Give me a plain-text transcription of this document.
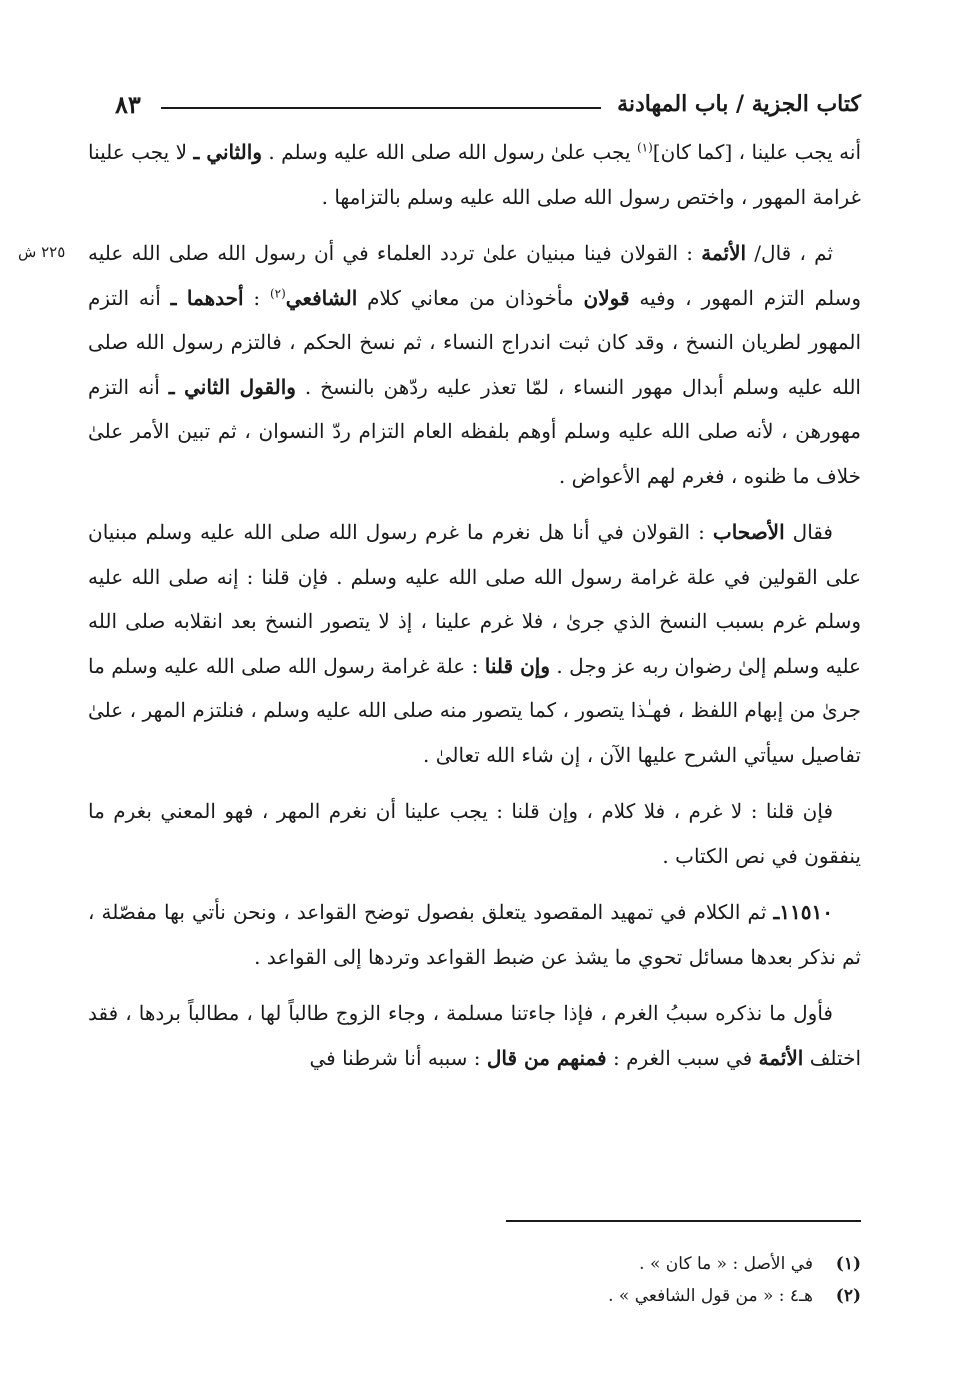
كتاب الجزية / باب المهادنة
٨٣
٢٢٥ ش

أنه يجب علينا ، [كما كان]$^{(١)}$ يجب علىٰ رسول الله صلى الله عليه وسلم . والثاني ـ لا يجب علينا غرامة المهور ، واختص رسول الله صلى الله عليه وسلم بالتزامها .

ثم ، قال/ الأئمة : القولان فينا مبنيان علىٰ تردد العلماء في أن رسول الله صلى الله عليه وسلم التزم المهور ، وفيه قولان مأخوذان من معاني كلام الشافعي$^{(٢)}$ : أحدهما ـ أنه التزم المهور لطريان النسخ ، وقد كان ثبت اندراج النساء ، ثم نسخ الحكم ، فالتزم رسول الله صلى الله عليه وسلم أبدال مهور النساء ، لمّا تعذر عليه ردّهن بالنسخ . والقول الثاني ـ أنه التزم مهورهن ، لأنه صلى الله عليه وسلم أوهم بلفظه العام التزام ردّ النسوان ، ثم تبين الأمر علىٰ خلاف ما ظنوه ، فغرم لهم الأعواض .

فقال الأصحاب : القولان في أنا هل نغرم ما غرم رسول الله صلى الله عليه وسلم مبنيان على القولين في علة غرامة رسول الله صلى الله عليه وسلم . فإن قلنا : إنه صلى الله عليه وسلم غرم بسبب النسخ الذي جرىٰ ، فلا غرم علينا ، إذ لا يتصور النسخ بعد انقلابه صلى الله عليه وسلم إلىٰ رضوان ربه عز وجل . وإن قلنا : علة غرامة رسول الله صلى الله عليه وسلم ما جرىٰ من إبهام اللفظ ، فهـٰذا يتصور ، كما يتصور منه صلى الله عليه وسلم ، فنلتزم المهر ، علىٰ تفاصيل سيأتي الشرح عليها الآن ، إن شاء الله تعالىٰ .

فإن قلنا : لا غرم ، فلا كلام ، وإن قلنا : يجب علينا أن نغرم المهر ، فهو المعني بغرم ما ينفقون في نص الكتاب .

١١٥١٠ـ ثم الكلام في تمهيد المقصود يتعلق بفصول توضح القواعد ، ونحن نأتي بها مفصّلة ، ثم نذكر بعدها مسائل تحوي ما يشذ عن ضبط القواعد وتردها إلى القواعد .

فأول ما نذكره سببُ الغرم ، فإذا جاءتنا مسلمة ، وجاء الزوج طالباً لها ، مطالباً بردها ، فقد اختلف الأئمة في سبب الغرم : فمنهم من قال : سببه أنا شرطنا في

(١)
في الأصل : « ما كان » .
(٢)
هـ٤ : « من قول الشافعي » .
